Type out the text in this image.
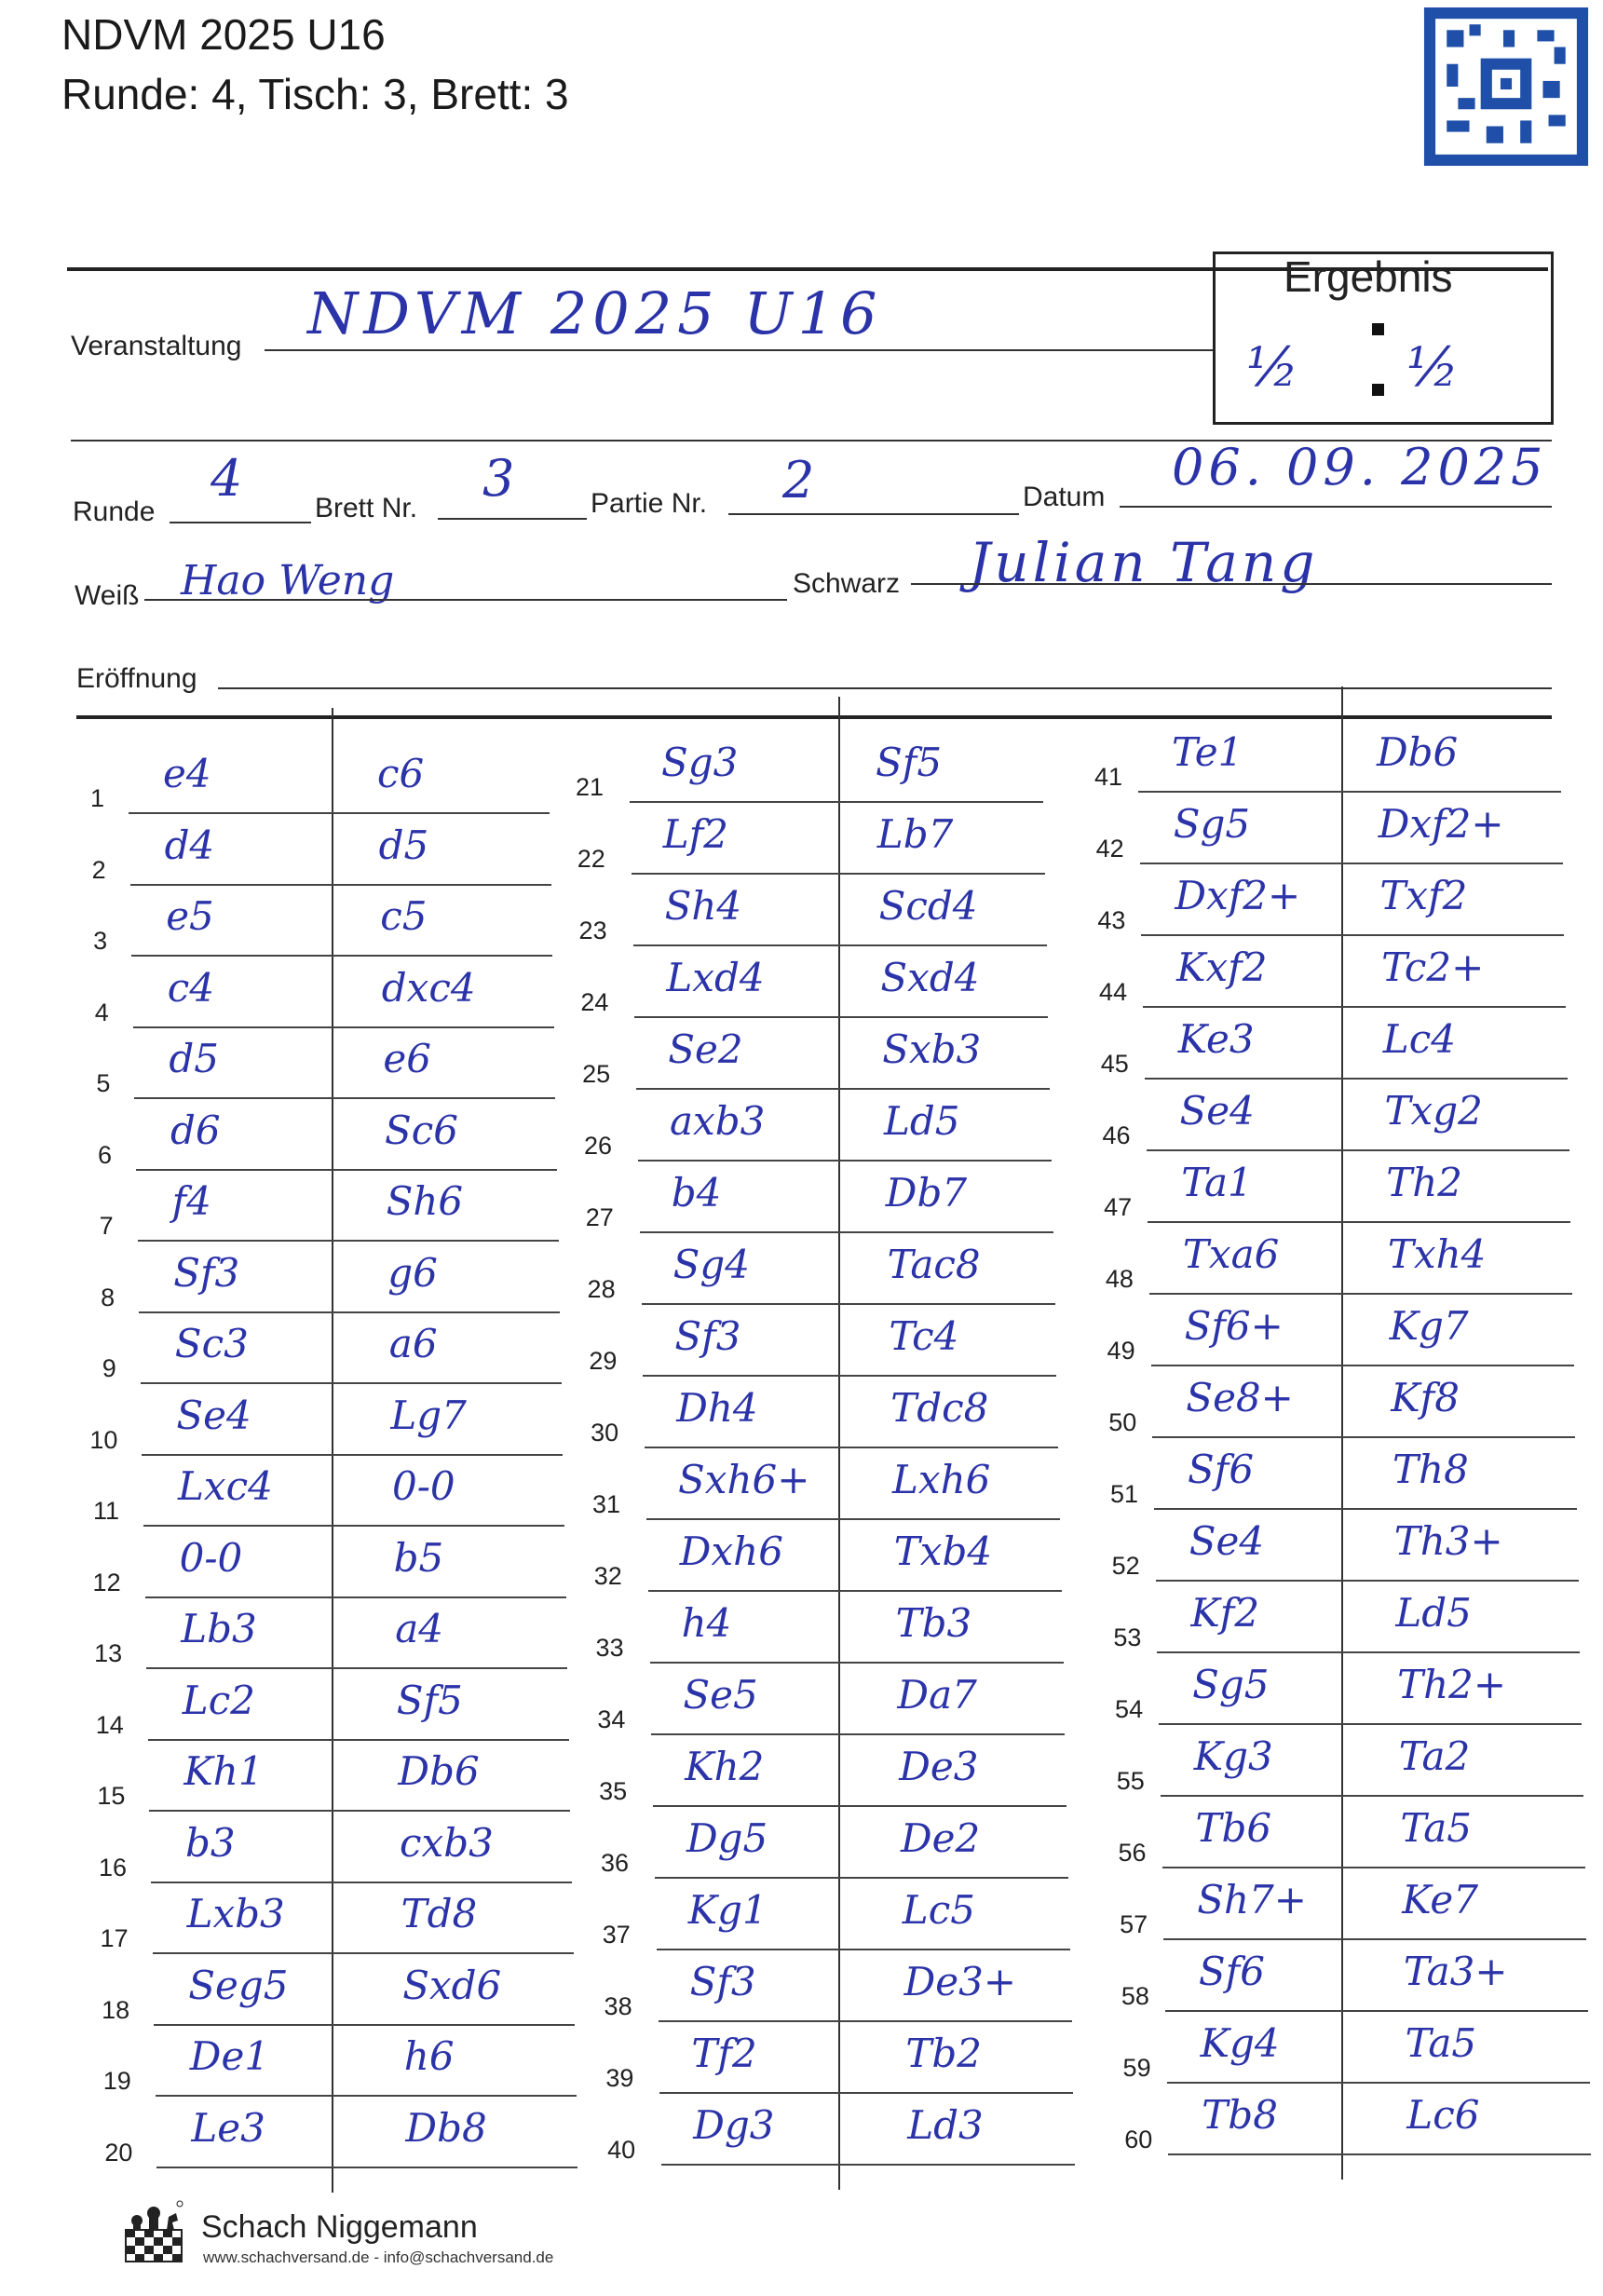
NDVM 2025 U16
Runde: 4, Tisch: 3, Brett: 3
Ergebnis
½ ½
Veranstaltung NDVM 2025 U16
Runde
4
Brett Nr.
3	Partie Nr. 2	Datum
06. 09. 2025
Weiß Hao Weng	Schwarz Julian Tang
Eröffnung
1
e4	c6
2
d4	d5
3
e5	c5
4
c4	dxc4
5
d5	e6
6
d6	Sc6
7
f4	Sh6
8
Sf3	g6
9
Sc3	a6
10
Se4	Lg7
11
Lxc4	0-0
12
0-0	b5
13
Lb3	a4
14
Lc2	Sf5
15
Kh1	Db6
16
b3	cxb3
17
Lxb3	Td8
18
Seg5	Sxd6
19
De1	h6
20
Le3	Db8
21
Sg3	Sf5
22
Lf2	Lb7
23
Sh4	Scd4
24
Lxd4	Sxd4
25
Se2	Sxb3
26
axb3	Ld5
27
b4	Db7
28
Sg4	Tac8
29
Sf3	Tc4
30
Dh4	Tdc8
31
Sxh6+ Lxh6
32
Dxh6	Txb4
33
h4	Tb3
34
Se5	Da7
35
Kh2	De3
36
Dg5	De2
37
Kg1	Lc5
38
Sf3	De3+
39
Tf2	Tb2
40
Dg3	Ld3
41
Te1	Db6
42
Sg5	Dxf2+
43
Dxf2+ Txf2
44
Kxf2	Tc2+
45
Ke3	Lc4
46
Se4	Txg2
47
Ta1	Th2
48
Txa6	Txh4
49
Sf6+	Kg7
50
Se8+ Kf8
51
Sf6	Th8
52
Se4	Th3+
53
Kf2	Ld5
54
Sg5	Th2+
55
Kg3	Ta2
56
Tb6	Ta5
57
Sh7+ Ke7
58
Sf6	Ta3+
59
Kg4	Ta5
60
Tb8	Lc6
Schach Niggemann
www.schachversand.de - info@schachversand.de
